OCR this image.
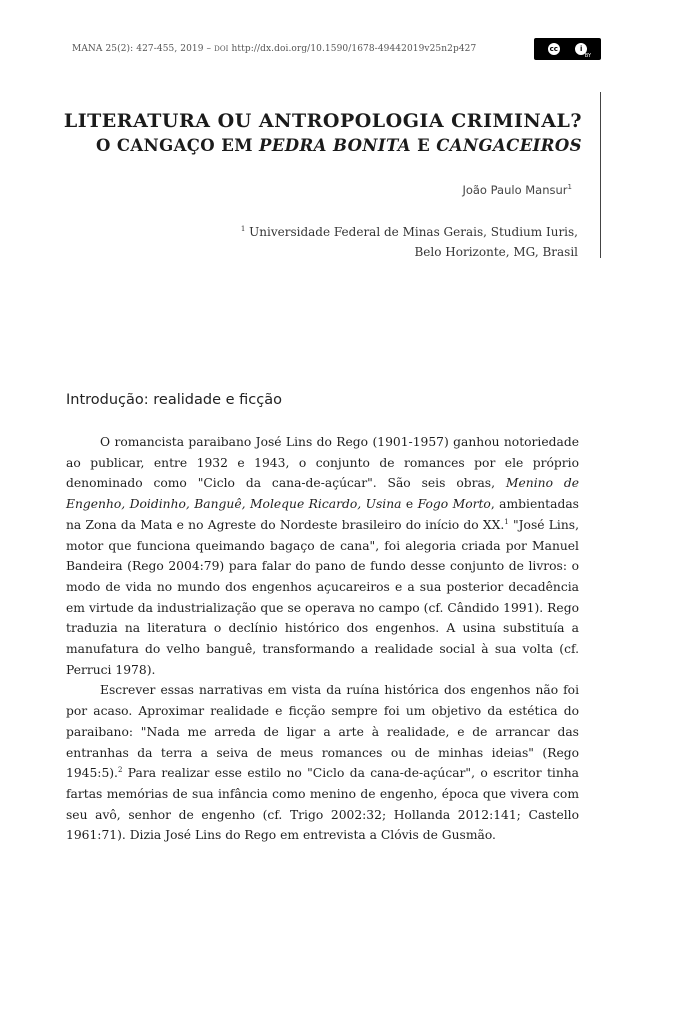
MANA 25(2): 427-455, 2019 – DOI http://dx.doi.org/10.1590/1678-49442019v25n2p427	cc	i
BY
LITERATURA OU ANTROPOLOGIA CRIMINAL?
O CANGAÇO EM PEDRA BONITA E CANGACEIROS
João Paulo Mansur$^1$
$^1$ Universidade Federal de Minas Gerais, Studium Iuris,
Belo Horizonte, MG, Brasil
Introdução: realidade e ficção

O romancista paraibano José Lins do Rego (1901-1957) ganhou notoriedade ao publicar, entre 1932 e 1943, o conjunto de romances por ele próprio denominado como "Ciclo da cana-de-açúcar". São seis obras, Menino de Engenho, Doidinho, Banguê, Moleque Ricardo, Usina e Fogo Morto, ambientadas na Zona da Mata e no Agreste do Nordeste brasileiro do início do XX.$^1$ "José Lins, motor que funciona queimando bagaço de cana", foi alegoria criada por Manuel Bandeira (Rego 2004:79) para falar do pano de fundo desse conjunto de livros: o modo de vida no mundo dos engenhos açucareiros e a sua posterior decadência em virtude da industrialização que se operava no campo (cf. Cândido 1991). Rego traduzia na literatura o declínio histórico dos engenhos. A usina substituía a manufatura do velho banguê, transformando a realidade social à sua volta (cf. Perruci 1978).

Escrever essas narrativas em vista da ruína histórica dos engenhos não foi por acaso. Aproximar realidade e ficção sempre foi um objetivo da estética do paraibano: "Nada me arreda de ligar a arte à realidade, e de arrancar das entranhas da terra a seiva de meus romances ou de minhas ideias" (Rego 1945:5).$^2$ Para realizar esse estilo no "Ciclo da cana-de-açúcar", o escritor tinha fartas memórias de sua infância como menino de engenho, época que vivera com seu avô, senhor de engenho (cf. Trigo 2002:32; Hollanda 2012:141; Castello 1961:71). Dizia José Lins do Rego em entrevista a Clóvis de Gusmão.
